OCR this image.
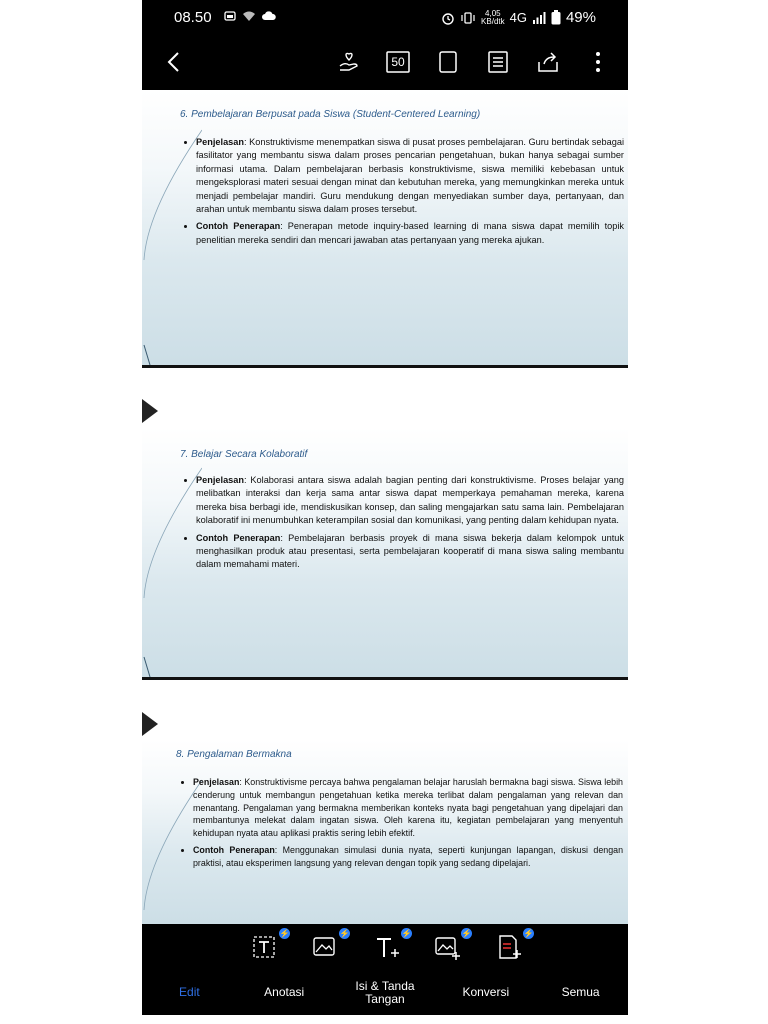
08.50	4,05
KB/dtk 4G	49%
50
6. Pembelajaran Berpusat pada Siswa (Student-Centered Learning)
• Penjelasan: Konstruktivisme menempatkan siswa di pusat proses pembelajaran. Guru bertindak sebagai fasilitator yang membantu siswa dalam proses pencarian pengetahuan, bukan hanya sebagai sumber informasi utama. Dalam pembelajaran berbasis konstruktivisme, siswa memiliki kebebasan untuk mengeksplorasi materi sesuai dengan minat dan kebutuhan mereka, yang memungkinkan mereka untuk menjadi pembelajar mandiri. Guru mendukung dengan menyediakan sumber daya, pertanyaan, dan arahan untuk membantu siswa dalam proses tersebut.
• Contoh Penerapan: Penerapan metode inquiry-based learning di mana siswa dapat memilih topik penelitian mereka sendiri dan mencari jawaban atas pertanyaan yang mereka ajukan.
7. Belajar Secara Kolaboratif
• Penjelasan: Kolaborasi antara siswa adalah bagian penting dari konstruktivisme. Proses belajar yang melibatkan interaksi dan kerja sama antar siswa dapat memperkaya pemahaman mereka, karena mereka bisa berbagi ide, mendiskusikan konsep, dan saling mengajarkan satu sama lain. Pembelajaran kolaboratif ini menumbuhkan keterampilan sosial dan komunikasi, yang penting dalam kehidupan nyata.
• Contoh Penerapan: Pembelajaran berbasis proyek di mana siswa bekerja dalam kelompok untuk menghasilkan produk atau presentasi, serta pembelajaran kooperatif di mana siswa saling membantu dalam memahami materi.
8. Pengalaman Bermakna
• Penjelasan: Konstruktivisme percaya bahwa pengalaman belajar haruslah bermakna bagi siswa. Siswa lebih cenderung untuk membangun pengetahuan ketika mereka terlibat dalam pengalaman yang relevan dan menantang. Pengalaman yang bermakna memberikan konteks nyata bagi pengetahuan yang dipelajari dan membantunya melekat dalam ingatan siswa. Oleh karena itu, kegiatan pembelajaran yang menyentuh kehidupan nyata atau aplikasi praktis sering lebih efektif.
• Contoh Penerapan: Menggunakan simulasi dunia nyata, seperti kunjungan lapangan, diskusi dengan praktisi, atau eksperimen langsung yang relevan dengan topik yang sedang dipelajari.
⚡	⚡	⚡	⚡	⚡
Edit	Anotasi	Isi & Tanda Tangan	Konversi	Semua
